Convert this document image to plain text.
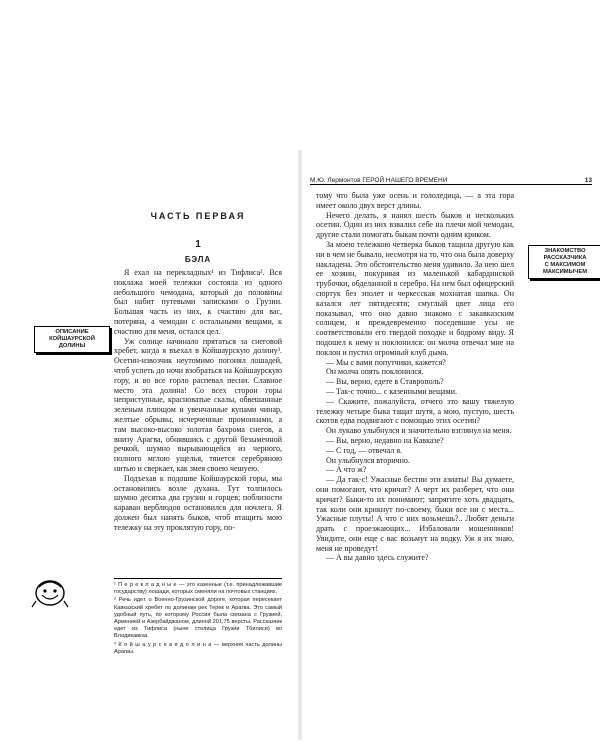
ЧАСТЬ ПЕРВАЯ
1
БЭЛА
ОПИСАНИЕ
КОЙШАУРСКОЙ
ДОЛИНЫ

Я ехал на перекладных¹ из Тифлиса². Вся поклажа моей тележки состояла из одного небольшого чемодана, который до половины был набит путевыми записками о Грузии. Большая часть из них, к счастию для вас, потеряна, а чемодан с остальными вещами, к счастию для меня, остался цел.

Уж солнце начинало прятаться за снеговой хребет, когда я въехал в Койшаурскую долину³. Осетин-извозчик неутомимо погонял лошадей, чтоб успеть до ночи взобраться на Койшаурскую гору, и во все горло распевал песни. Славное место эта долина! Со всех сторон горы неприступные, красноватые скалы, обвешанные зеленым плющом и увенчанные купами чинар, желтые обрывы, исчерченные промоинами, а там высоко-высоко золотая бахрома снегов, а внизу Арагва, обнявшись с другой безыменной речкой, шумно вырывающейся из черного, полного мглою ущелья, тянется серебряною нитью и сверкает, как змея своею чешуею.

Подъехав к подошве Койшаурской горы, мы остановились возле духана. Тут толпилось шумно десятка два грузин и горцев; поблизости караван верблюдов остановился для ночлега. Я должен был нанять быков, чтоб втащить мою тележку на эту проклятую гору, по-

¹ П е р е к л а д н ы е — это казенные (т.е. принадлежавшие государству) лошади, которых сменяли на почтовых станциях.
² Речь идет о Военно-Грузинской дороге, которая пересекает Кавказский хребет по долинам рек Терек и Арагва. Это самый удобный путь, по которому Россия была связана с Грузией, Арменией и Азербайджаном, длиной 201,75 версты. Рассказчик едет из Тифлиса (ныне столица Грузии Тбилиси) во Владикавказ.
³ К о й ш а у р с к а я д о л и н а — верхняя часть долины Арагвы.
М.Ю. Лермонтов ГЕРОЙ НАШЕГО ВРЕМЕНИ	13

тому что была уже осень и гололедица, — а эта гора имеет около двух верст длины.

Нечего делать, я нанял шесть быков и нескольких осетин. Один из них взвалил себе на плечи мой чемодан, другие стали помогать быкам почти одним криком.

За моею тележкою четверка быков тащила другую как ни в чем не бывало, несмотря на то, что она была доверху накладена. Это обстоятельство меня удивило. За нею шел ее хозяин, покуривая из маленькой кабардинской трубочки, обделанной в серебро. На нем был офицерский сюртук без эполет и черкесская мохнатая шапка. Он казался лет пятидесяти; смуглый цвет лица его показывал, что оно давно знакомо с закавказским солнцем, и преждевременно поседевшие усы не соответствовали его твердой походке и бодрому виду. Я подошел к нему и поклонился: он молча отвечал мне на поклон и пустил огромный клуб дыма.

— Мы с вами попутчики, кажется?

Он молча опять поклонился.

— Вы, верно, едете в Ставрополь?

— Так-с точно... с казенными вещами.

— Скажите, пожалуйста, отчего это вашу тяжелую тележку четыре быка тащат шутя, а мою, пустую, шесть скотов едва подвигают с помощью этих осетин?

Он лукаво улыбнулся и значительно взглянул на меня.

— Вы, верно, недавно на Кавказе?

— С год, — отвечал я.

Он улыбнулся вторично.

— А что ж?

— Да так-с! Ужасные бестии эти азиаты! Вы думаете, они помогают, что кричат? А черт их разберет, что они кричат? Быки-то их понимают; запрягите хоть двадцать, так коли они крикнут по-своему, быки все ни с места... Ужасные плуты! А что с них возьмешь?.. Любят деньги драть с проезжающих... Избаловали мошенников! Увидите, они еще с вас возьмут на водку. Уж я их знаю, меня не проведут!

— А вы давно здесь служите?

ЗНАКОМСТВО
РАССКАЗЧИКА
С МАКСИМОМ
МАКСИМЫЧЕМ
